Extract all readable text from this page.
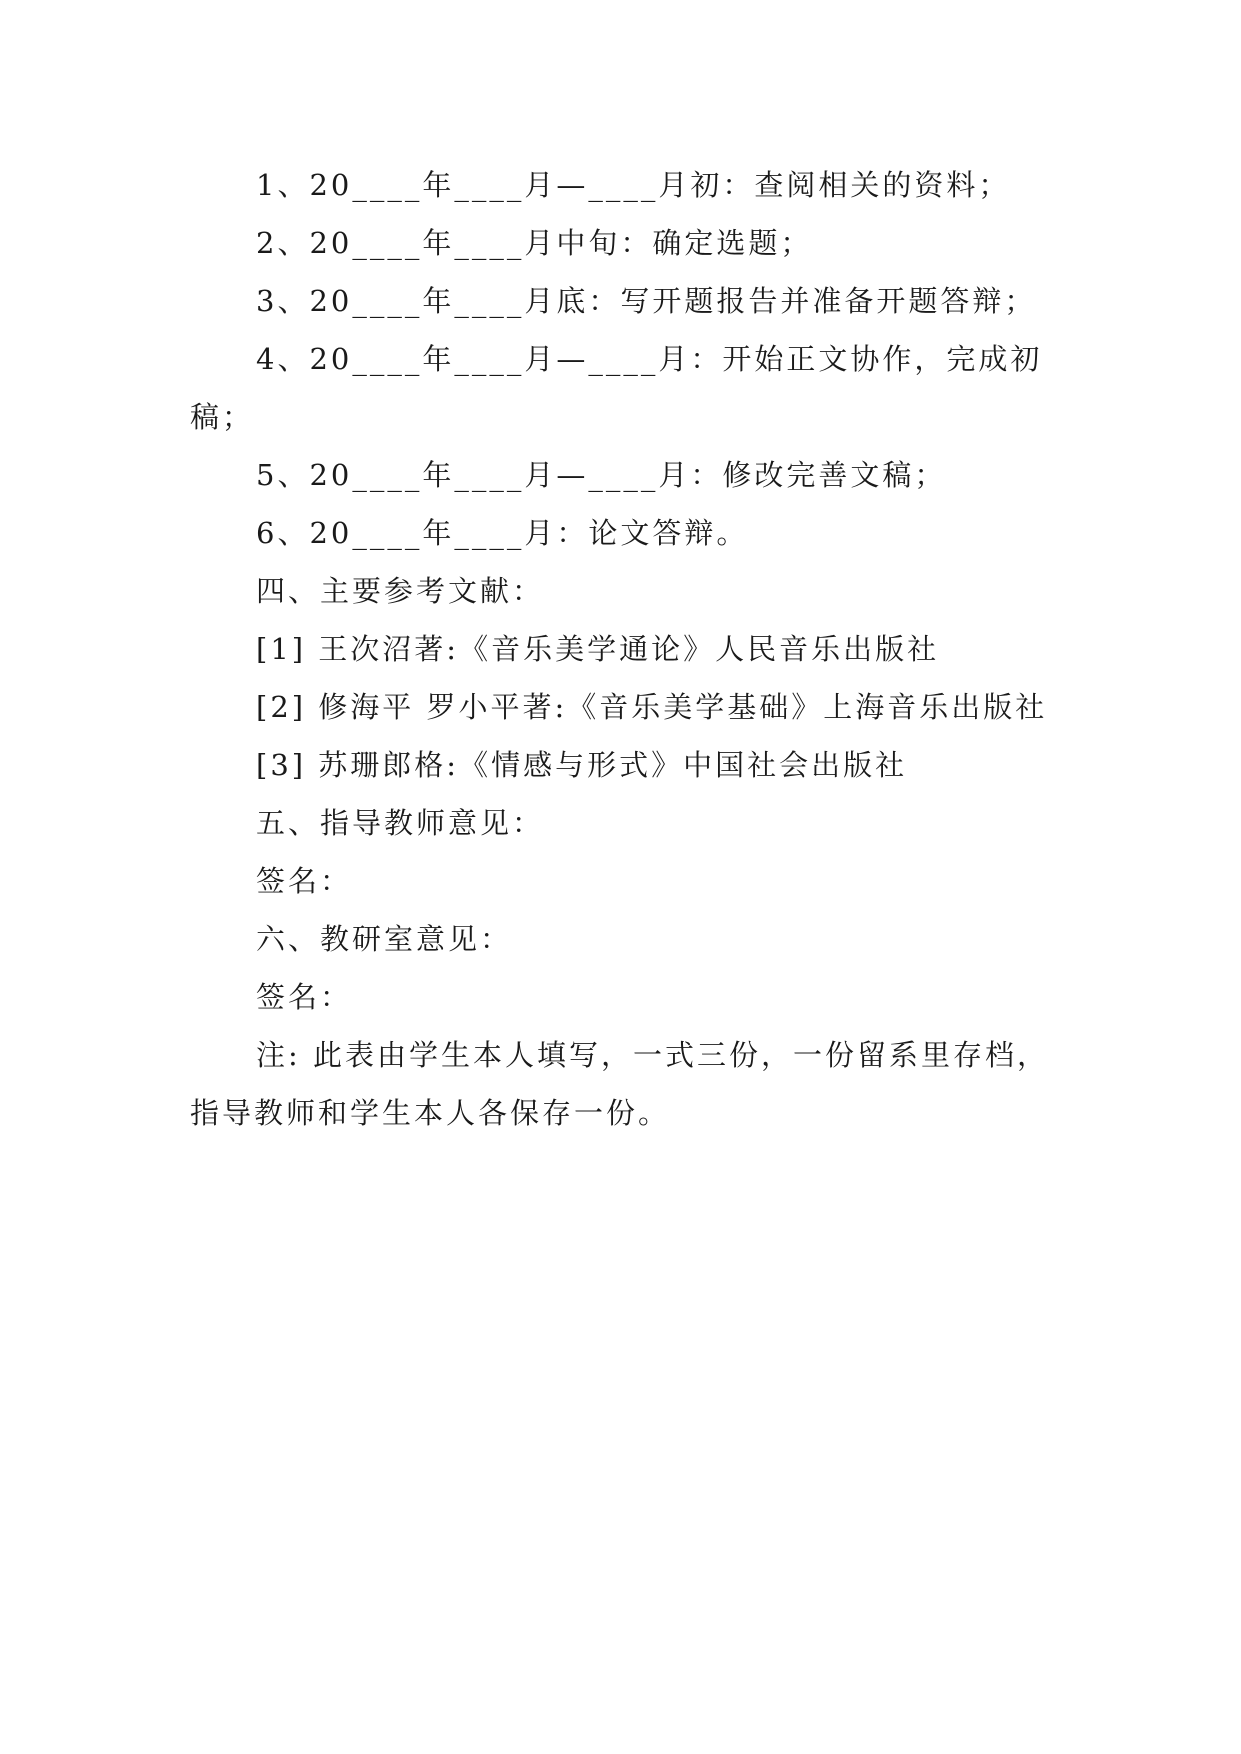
1、20____年____月—____月初：查阅相关的资料；

2、20____年____月中旬：确定选题；

3、20____年____月底：写开题报告并准备开题答辩；

4、20____年____月—____月：开始正文协作，完成初稿；

5、20____年____月—____月：修改完善文稿；

6、20____年____月：论文答辩。

四、主要参考文献：

[1] 王次沼著:《音乐美学通论》人民音乐出版社

[2] 修海平 罗小平著:《音乐美学基础》上海音乐出版社

[3] 苏珊郎格:《情感与形式》中国社会出版社

五、指导教师意见：

签名：

六、教研室意见：

签名：

注: 此表由学生本人填写，一式三份，一份留系里存档，指导教师和学生本人各保存一份。
